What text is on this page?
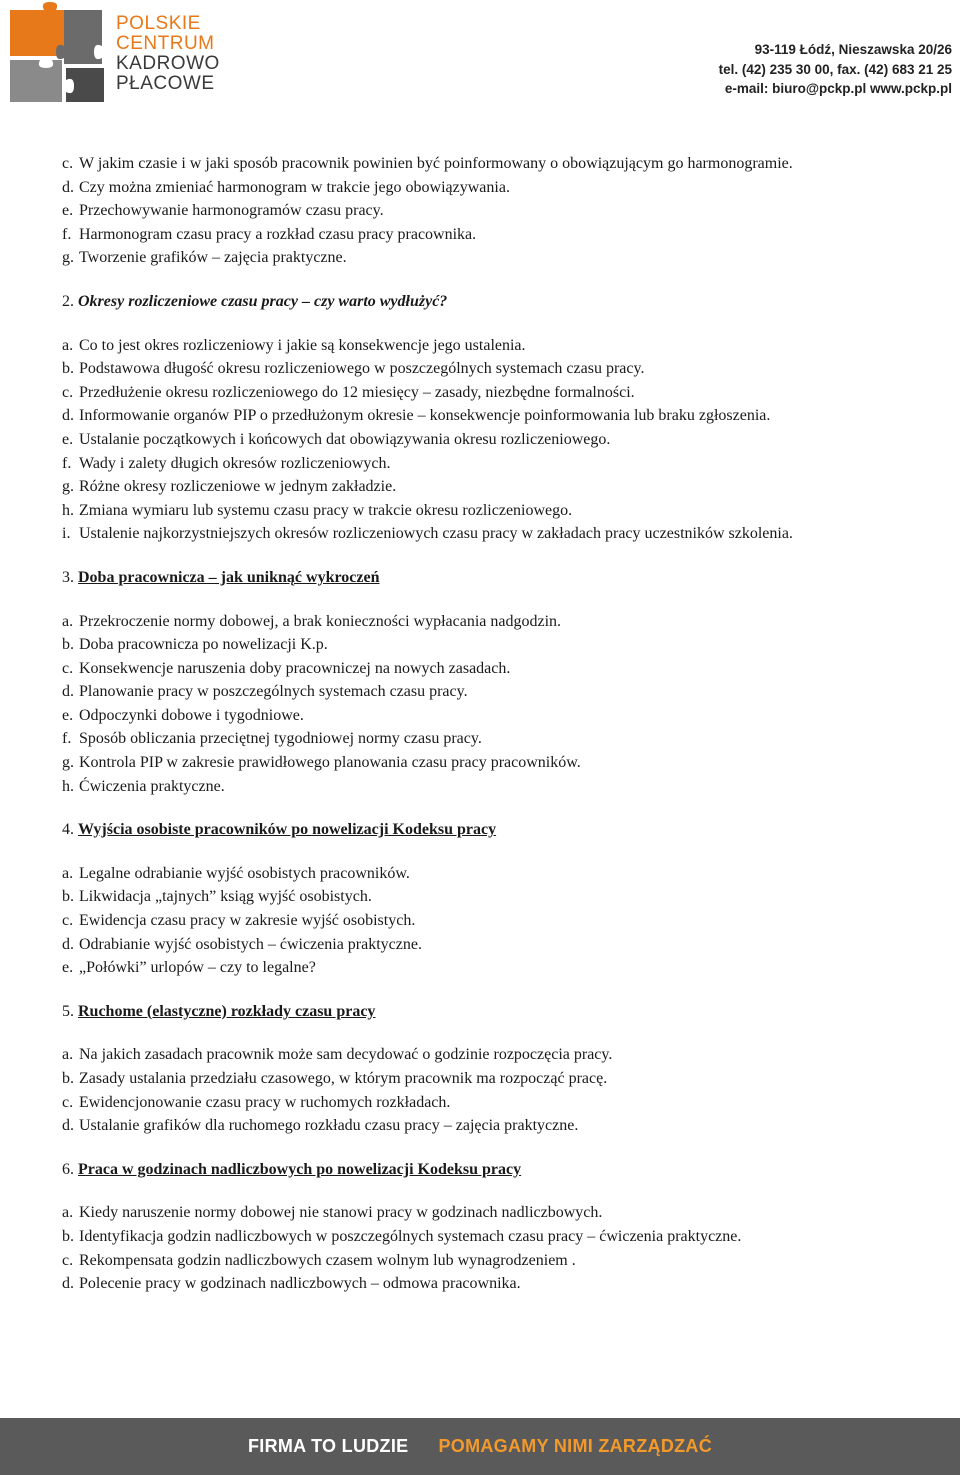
POLSKIE
CENTRUM
KADROWO
PŁACOWE
93-119 Łódź, Nieszawska 20/26
tel. (42) 235 30 00, fax. (42) 683 21 25
e-mail: biuro@pckp.pl www.pckp.pl
c. W jakim czasie i w jaki sposób pracownik powinien być poinformowany o obowiązującym go harmonogramie.
d. Czy można zmieniać harmonogram w trakcie jego obowiązywania.
e. Przechowywanie harmonogramów czasu pracy.
f. Harmonogram czasu pracy a rozkład czasu pracy pracownika.
g. Tworzenie grafików – zajęcia praktyczne.
2. Okresy rozliczeniowe czasu pracy – czy warto wydłużyć?
a. Co to jest okres rozliczeniowy i jakie są konsekwencje jego ustalenia.
b. Podstawowa długość okresu rozliczeniowego w poszczególnych systemach czasu pracy.
c. Przedłużenie okresu rozliczeniowego do 12 miesięcy – zasady, niezbędne formalności.
d. Informowanie organów PIP o przedłużonym okresie – konsekwencje poinformowania lub braku zgłoszenia.
e. Ustalanie początkowych i końcowych dat obowiązywania okresu rozliczeniowego.
f. Wady i zalety długich okresów rozliczeniowych.
g. Różne okresy rozliczeniowe w jednym zakładzie.
h. Zmiana wymiaru lub systemu czasu pracy w trakcie okresu rozliczeniowego.
i. Ustalenie najkorzystniejszych okresów rozliczeniowych czasu pracy w zakładach pracy uczestników szkolenia.
3. Doba pracownicza – jak uniknąć wykroczeń
a. Przekroczenie normy dobowej, a brak konieczności wypłacania nadgodzin.
b. Doba pracownicza po nowelizacji K.p.
c. Konsekwencje naruszenia doby pracowniczej na nowych zasadach.
d. Planowanie pracy w poszczególnych systemach czasu pracy.
e. Odpoczynki dobowe i tygodniowe.
f. Sposób obliczania przeciętnej tygodniowej normy czasu pracy.
g. Kontrola PIP w zakresie prawidłowego planowania czasu pracy pracowników.
h. Ćwiczenia praktyczne.
4. Wyjścia osobiste pracowników po nowelizacji Kodeksu pracy
a. Legalne odrabianie wyjść osobistych pracowników.
b. Likwidacja „tajnych” ksiąg wyjść osobistych.
c. Ewidencja czasu pracy w zakresie wyjść osobistych.
d. Odrabianie wyjść osobistych – ćwiczenia praktyczne.
e. „Połówki” urlopów – czy to legalne?
5. Ruchome (elastyczne) rozkłady czasu pracy
a. Na jakich zasadach pracownik może sam decydować o godzinie rozpoczęcia pracy.
b. Zasady ustalania przedziału czasowego, w którym pracownik ma rozpocząć pracę.
c. Ewidencjonowanie czasu pracy w ruchomych rozkładach.
d. Ustalanie grafików dla ruchomego rozkładu czasu pracy – zajęcia praktyczne.
6. Praca w godzinach nadliczbowych po nowelizacji Kodeksu pracy
a. Kiedy naruszenie normy dobowej nie stanowi pracy w godzinach nadliczbowych.
b. Identyfikacja godzin nadliczbowych w poszczególnych systemach czasu pracy – ćwiczenia praktyczne.
c. Rekompensata godzin nadliczbowych czasem wolnym lub wynagrodzeniem .
d. Polecenie pracy w godzinach nadliczbowych – odmowa pracownika.
FIRMA TO LUDZIE POMAGAMY NIMI ZARZĄDZAĆ
